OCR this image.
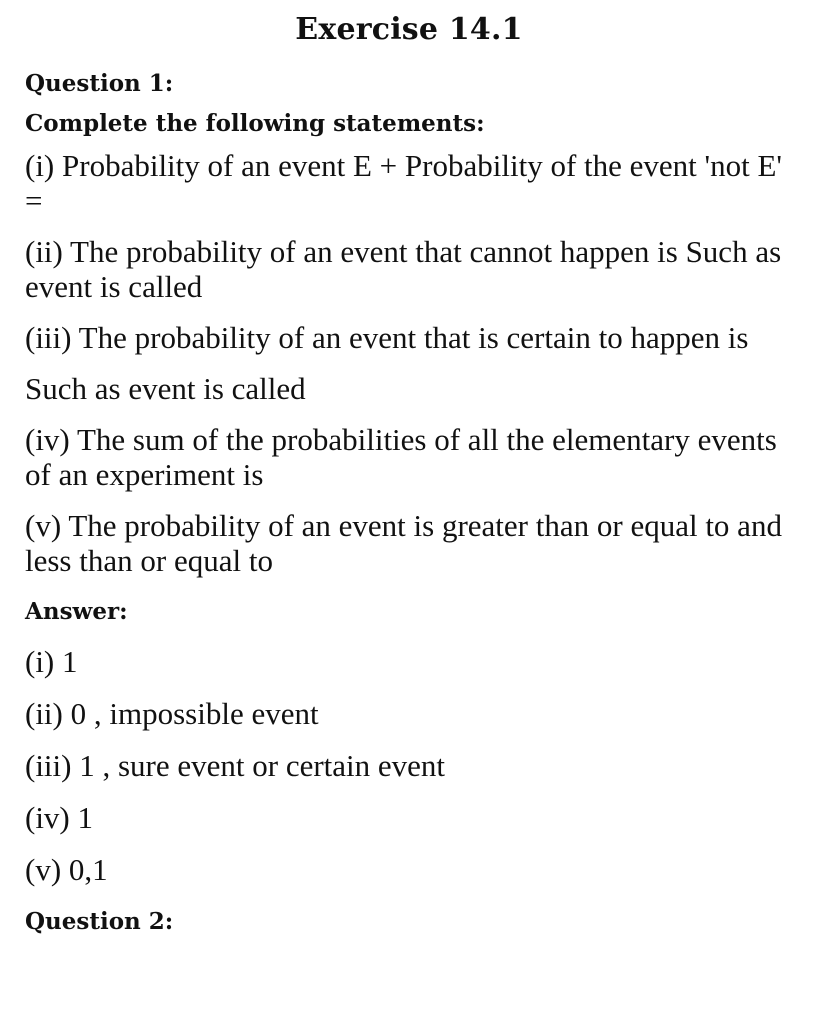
Exercise 14.1

Question 1:

Complete the following statements:

(i) Probability of an event E + Probability of the event 'not E' =

(ii) The probability of an event that cannot happen is Such as event is called

(iii) The probability of an event that is certain to happen is

Such as event is called

(iv) The sum of the probabilities of all the elementary events of an experiment is

(v) The probability of an event is greater than or equal to and less than or equal to

Answer:

(i) 1

(ii) 0 , impossible event

(iii) 1 , sure event or certain event

(iv) 1

(v) 0,1

Question 2:
